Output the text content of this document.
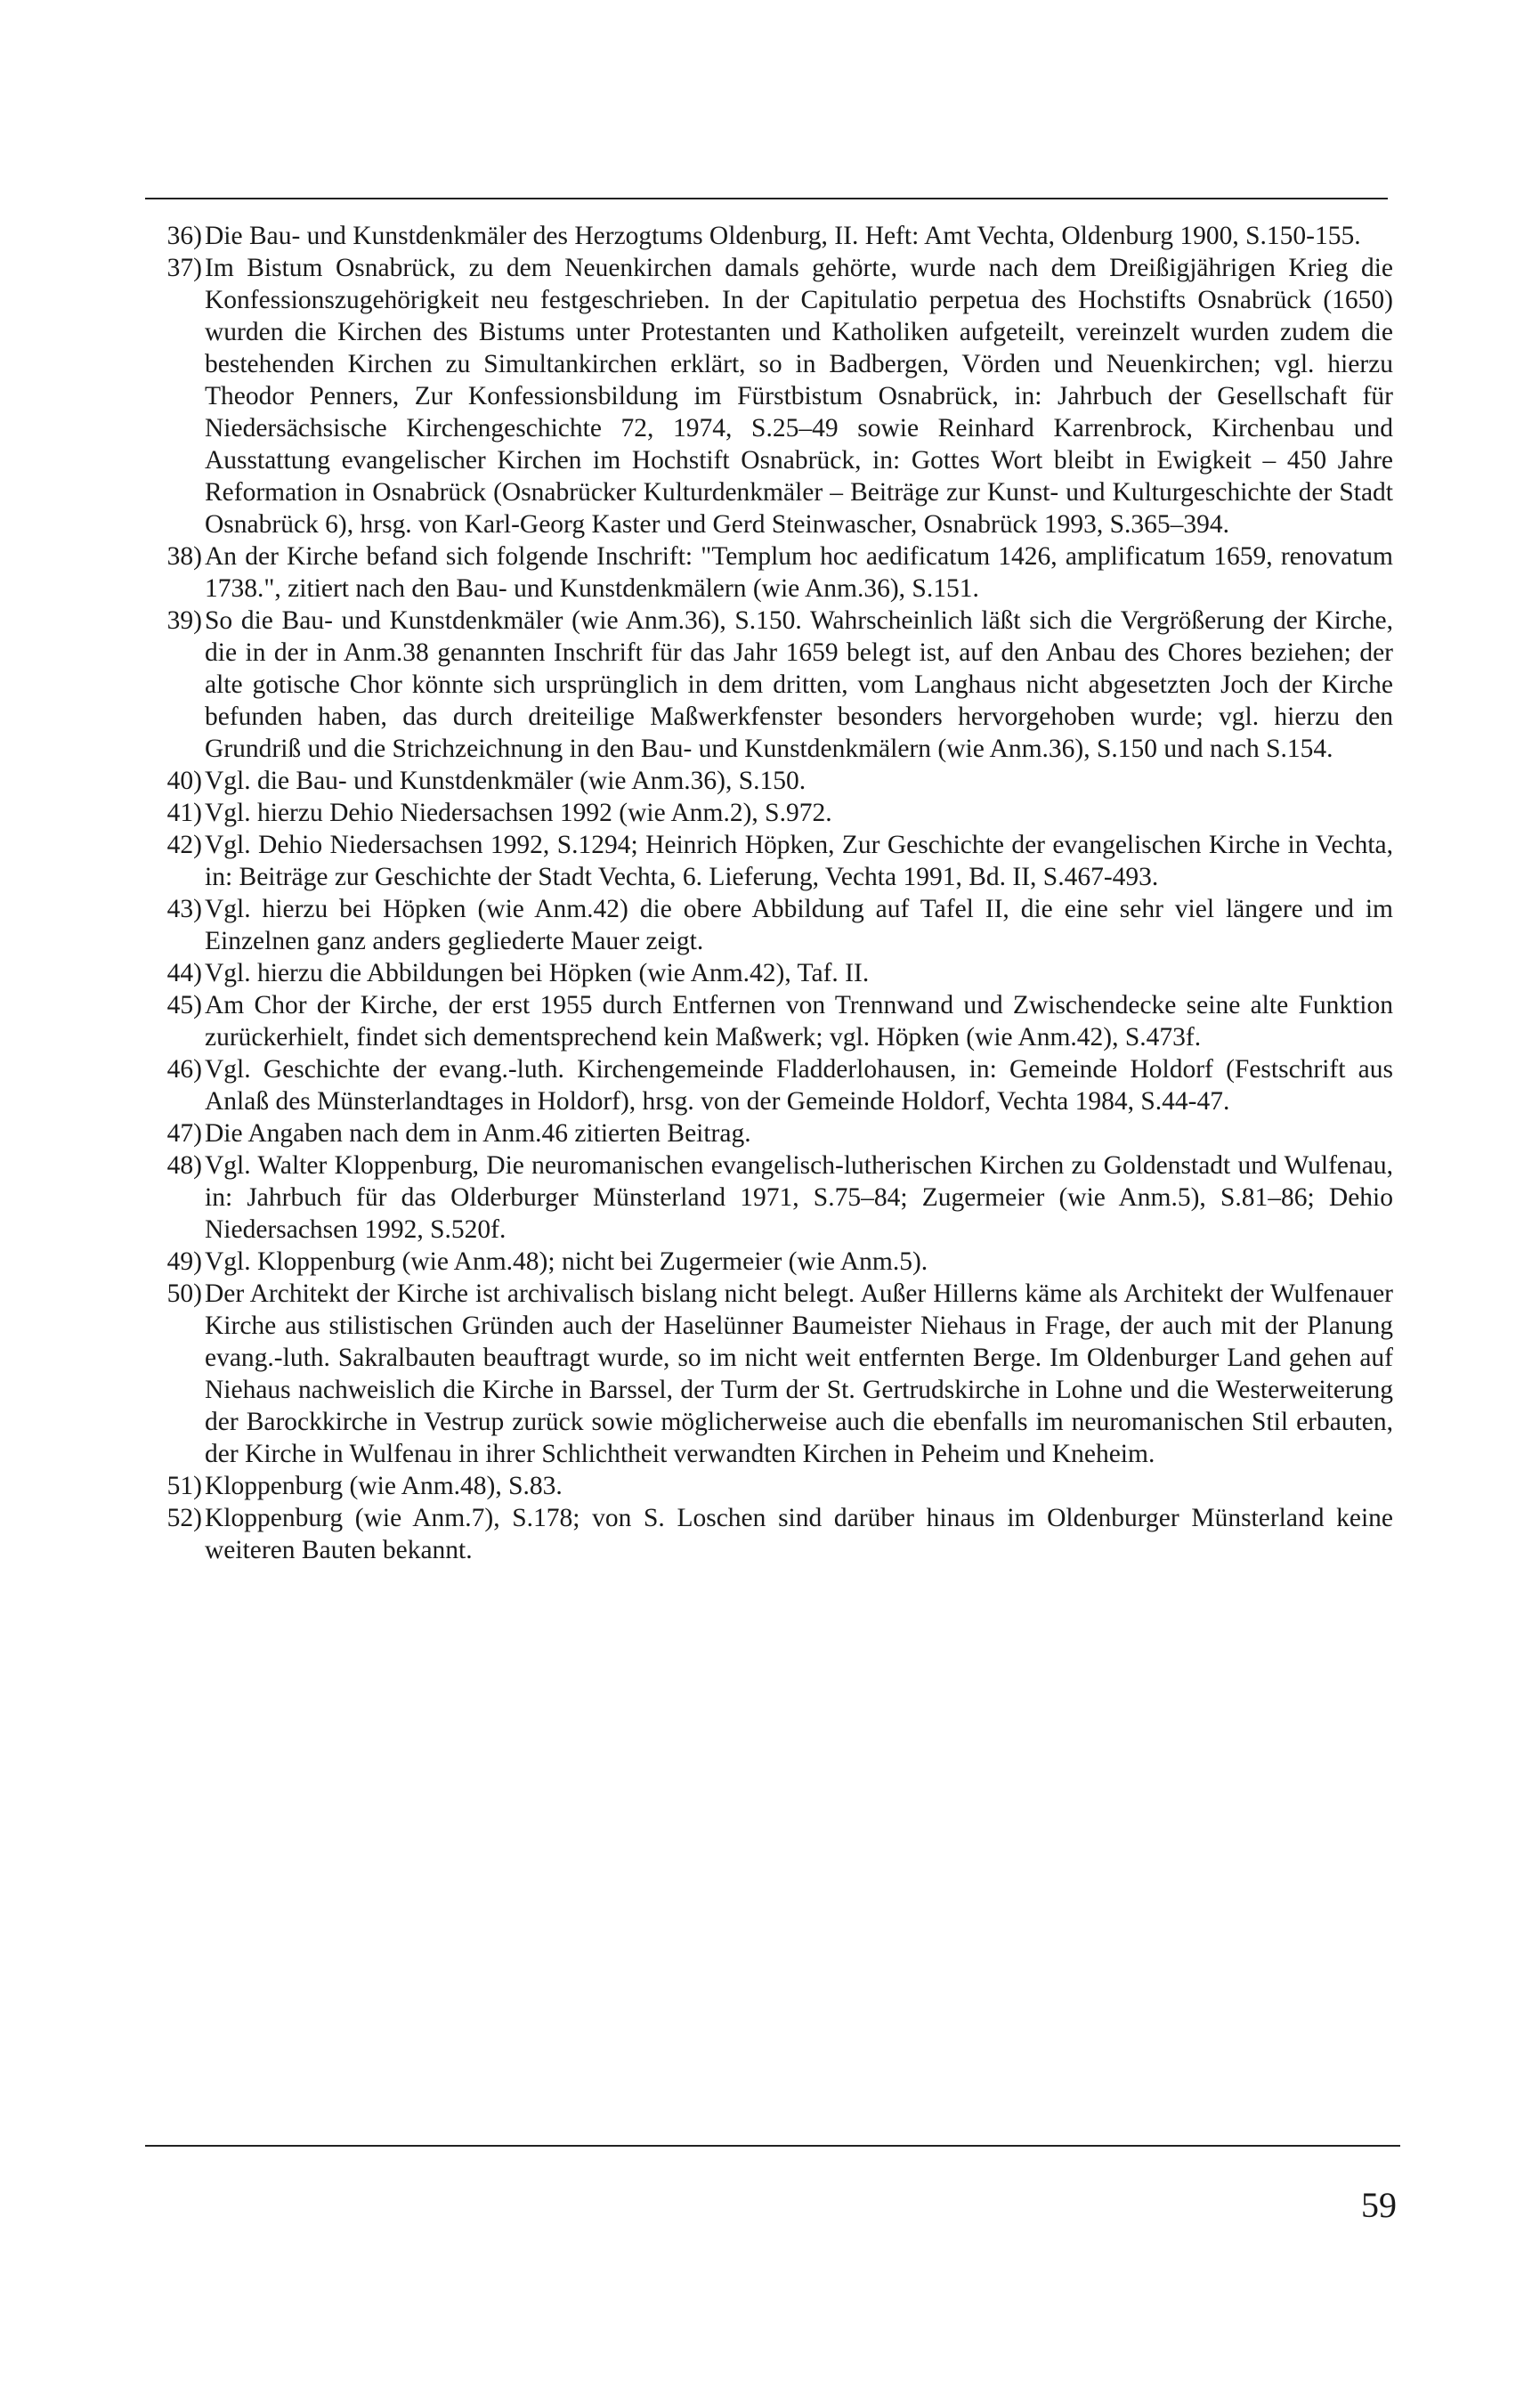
36) Die Bau- und Kunstdenkmäler des Herzogtums Oldenburg, II. Heft: Amt Vechta, Oldenburg 1900, S.150-155.
37) Im Bistum Osnabrück, zu dem Neuenkirchen damals gehörte, wurde nach dem Dreißigjährigen Krieg die Konfessionszugehörigkeit neu festgeschrieben. In der Capitulatio perpetua des Hochstifts Osnabrück (1650) wurden die Kirchen des Bistums unter Protestanten und Katholiken aufgeteilt, vereinzelt wurden zudem die bestehenden Kirchen zu Simultankirchen erklärt, so in Badbergen, Vörden und Neuenkirchen; vgl. hierzu Theodor Penners, Zur Konfessionsbildung im Fürstbistum Osnabrück, in: Jahrbuch der Gesellschaft für Niedersächsische Kirchengeschichte 72, 1974, S.25–49 sowie Reinhard Karrenbrock, Kirchenbau und Ausstattung evangelischer Kirchen im Hochstift Osnabrück, in: Gottes Wort bleibt in Ewigkeit – 450 Jahre Reformation in Osnabrück (Osnabrücker Kulturdenkmäler – Beiträge zur Kunst- und Kulturgeschichte der Stadt Osnabrück 6), hrsg. von Karl-Georg Kaster und Gerd Steinwascher, Osnabrück 1993, S.365–394.
38) An der Kirche befand sich folgende Inschrift: "Templum hoc aedificatum 1426, amplificatum 1659, renovatum 1738.", zitiert nach den Bau- und Kunstdenkmälern (wie Anm.36), S.151.
39) So die Bau- und Kunstdenkmäler (wie Anm.36), S.150. Wahrscheinlich läßt sich die Vergrößerung der Kirche, die in der in Anm.38 genannten Inschrift für das Jahr 1659 belegt ist, auf den Anbau des Chores beziehen; der alte gotische Chor könnte sich ursprünglich in dem dritten, vom Langhaus nicht abgesetzten Joch der Kirche befunden haben, das durch dreiteilige Maßwerkfenster besonders hervorgehoben wurde; vgl. hierzu den Grundriß und die Strichzeichnung in den Bau- und Kunstdenkmälern (wie Anm.36), S.150 und nach S.154.
40) Vgl. die Bau- und Kunstdenkmäler (wie Anm.36), S.150.
41) Vgl. hierzu Dehio Niedersachsen 1992 (wie Anm.2), S.972.
42) Vgl. Dehio Niedersachsen 1992, S.1294; Heinrich Höpken, Zur Geschichte der evangelischen Kirche in Vechta, in: Beiträge zur Geschichte der Stadt Vechta, 6. Lieferung, Vechta 1991, Bd. II, S.467-493.
43) Vgl. hierzu bei Höpken (wie Anm.42) die obere Abbildung auf Tafel II, die eine sehr viel längere und im Einzelnen ganz anders gegliederte Mauer zeigt.
44) Vgl. hierzu die Abbildungen bei Höpken (wie Anm.42), Taf. II.
45) Am Chor der Kirche, der erst 1955 durch Entfernen von Trennwand und Zwischendecke seine alte Funktion zurückerhielt, findet sich dementsprechend kein Maßwerk; vgl. Höpken (wie Anm.42), S.473f.
46) Vgl. Geschichte der evang.-luth. Kirchengemeinde Fladderlohausen, in: Gemeinde Holdorf (Festschrift aus Anlaß des Münsterlandtages in Holdorf), hrsg. von der Gemeinde Holdorf, Vechta 1984, S.44-47.
47) Die Angaben nach dem in Anm.46 zitierten Beitrag.
48) Vgl. Walter Kloppenburg, Die neuromanischen evangelisch-lutherischen Kirchen zu Goldenstadt und Wulfenau, in: Jahrbuch für das Olderburger Münsterland 1971, S.75–84; Zugermeier (wie Anm.5), S.81–86; Dehio Niedersachsen 1992, S.520f.
49) Vgl. Kloppenburg (wie Anm.48); nicht bei Zugermeier (wie Anm.5).
50) Der Architekt der Kirche ist archivalisch bislang nicht belegt. Außer Hillerns käme als Architekt der Wulfenauer Kirche aus stilistischen Gründen auch der Haselünner Baumeister Niehaus in Frage, der auch mit der Planung evang.-luth. Sakralbauten beauftragt wurde, so im nicht weit entfernten Berge. Im Oldenburger Land gehen auf Niehaus nachweislich die Kirche in Barssel, der Turm der St. Gertrudskirche in Lohne und die Westerweiterung der Barockkirche in Vestrup zurück sowie möglicherweise auch die ebenfalls im neuromanischen Stil erbauten, der Kirche in Wulfenau in ihrer Schlichtheit verwandten Kirchen in Peheim und Kneheim.
51) Kloppenburg (wie Anm.48), S.83.
52) Kloppenburg (wie Anm.7), S.178; von S. Loschen sind darüber hinaus im Oldenburger Münsterland keine weiteren Bauten bekannt.
59
